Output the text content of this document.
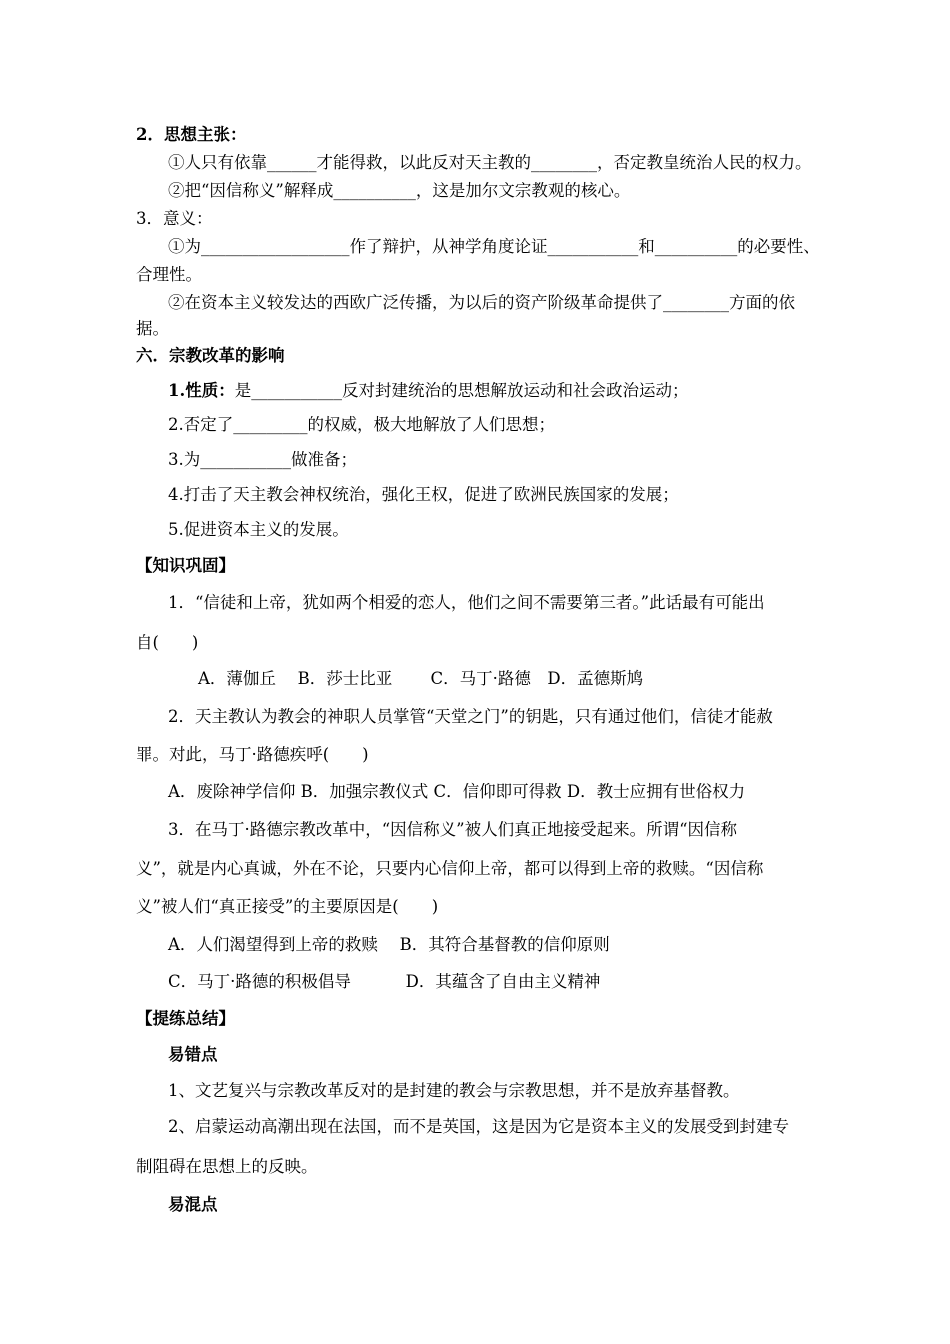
2．思想主张：
①人只有依靠______才能得救，以此反对天主教的________，否定教皇统治人民的权力。
②把“因信称义”解释成__________，这是加尔文宗教观的核心。
3．意义：
①为__________________作了辩护，从神学角度论证___________和__________的必要性、
合理性。
②在资本主义较发达的西欧广泛传播，为以后的资产阶级革命提供了________方面的依
据。
六．宗教改革的影响
1.性质：是___________反对封建统治的思想解放运动和社会政治运动；
2.否定了_________的权威，极大地解放了人们思想；
3.为___________做准备；
4.打击了天主教会神权统治，强化王权，促进了欧洲民族国家的发展；
5.促进资本主义的发展。
【知识巩固】
1．“信徒和上帝，犹如两个相爱的恋人，他们之间不需要第三者。”此话最有可能出
自(　　)
A．薄伽丘　 B．莎士比亚　　 C．马丁·路德　D．孟德斯鸠
2．天主教认为教会的神职人员掌管“天堂之门”的钥匙，只有通过他们，信徒才能赦
罪。对此，马丁·路德疾呼(　　)
A．废除神学信仰 B．加强宗教仪式 C．信仰即可得救 D．教士应拥有世俗权力
3．在马丁·路德宗教改革中，“因信称义”被人们真正地接受起来。所谓“因信称
义”，就是内心真诚，外在不论，只要内心信仰上帝，都可以得到上帝的救赎。“因信称
义”被人们“真正接受”的主要原因是(　　)
A．人们渴望得到上帝的救赎　 B．其符合基督教的信仰原则
C．马丁·路德的积极倡导　　　 D．其蕴含了自由主义精神
【提练总结】
易错点
1、文艺复兴与宗教改革反对的是封建的教会与宗教思想，并不是放弃基督教。
2、启蒙运动高潮出现在法国，而不是英国，这是因为它是资本主义的发展受到封建专
制阻碍在思想上的反映。
易混点
